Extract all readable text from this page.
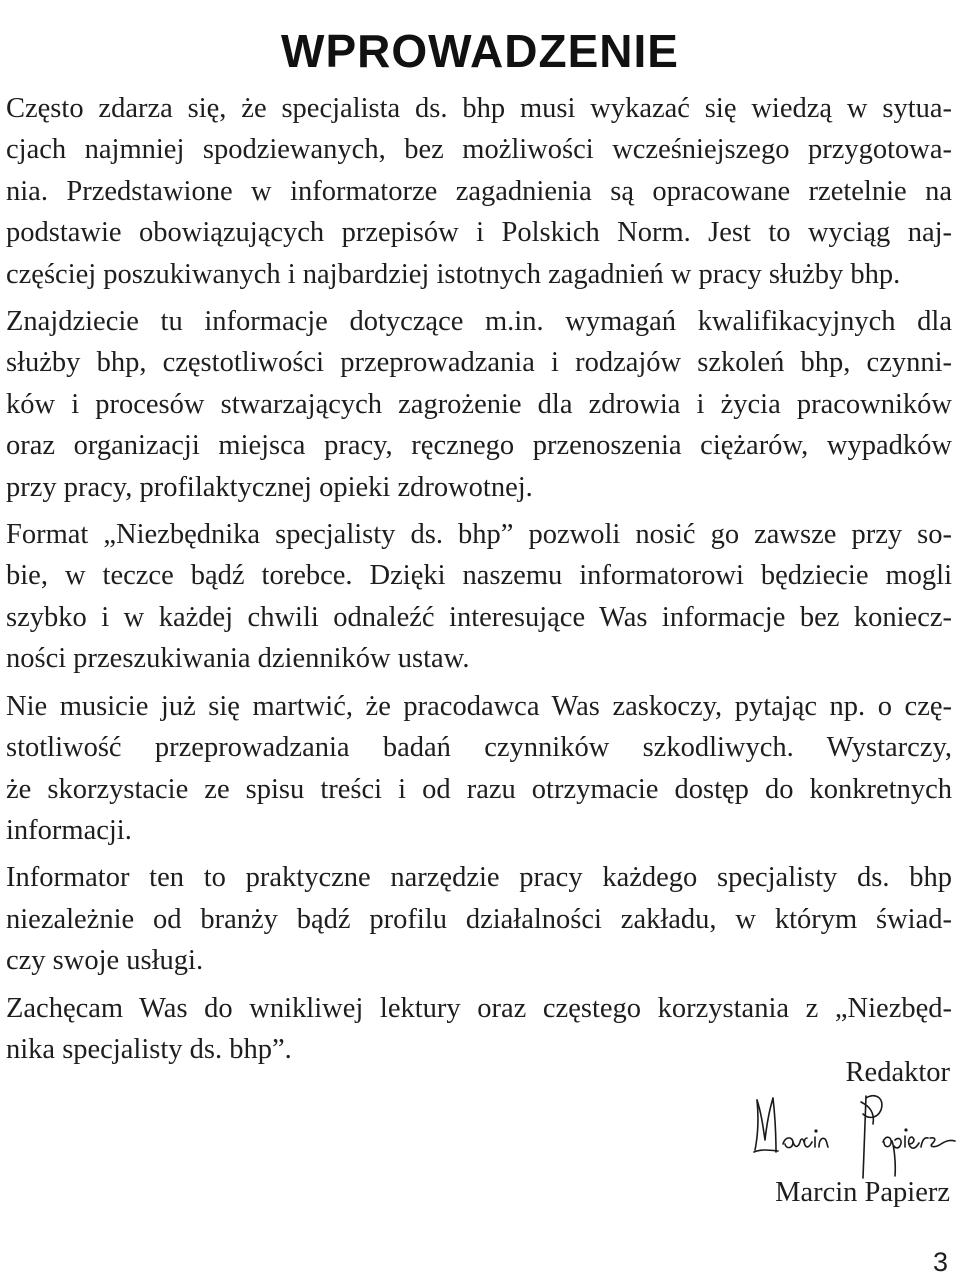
WPROWADZENIE

Często zdarza się, że specjalista ds. bhp musi wykazać się wiedzą w sytua-
cjach najmniej spodziewanych, bez możliwości wcześniejszego przygotowa-
nia. Przedstawione w informatorze zagadnienia są opracowane rzetelnie na
podstawie obowiązujących przepisów i Polskich Norm. Jest to wyciąg naj-
częściej poszukiwanych i najbardziej istotnych zagadnień w pracy służby bhp.

Znajdziecie tu informacje dotyczące m.in. wymagań kwalifikacyjnych dla
służby bhp, częstotliwości przeprowadzania i rodzajów szkoleń bhp, czynni-
ków i procesów stwarzających zagrożenie dla zdrowia i życia pracowników
oraz organizacji miejsca pracy, ręcznego przenoszenia ciężarów, wypadków
przy pracy, profilaktycznej opieki zdrowotnej.

Format „Niezbędnika specjalisty ds. bhp” pozwoli nosić go zawsze przy so-
bie, w teczce bądź torebce. Dzięki naszemu informatorowi będziecie mogli
szybko i w każdej chwili odnaleźć interesujące Was informacje bez koniecz-
ności przeszukiwania dzienników ustaw.

Nie musicie już się martwić, że pracodawca Was zaskoczy, pytając np. o czę-
stotliwość przeprowadzania badań czynników szkodliwych. Wystarczy,
że skorzystacie ze spisu treści i od razu otrzymacie dostęp do konkretnych
informacji.

Informator ten to praktyczne narzędzie pracy każdego specjalisty ds. bhp
niezależnie od branży bądź profilu działalności zakładu, w którym świad-
czy swoje usługi.

Zachęcam Was do wnikliwej lektury oraz częstego korzystania z „Niezbęd-
nika specjalisty ds. bhp”.

Redaktor
Marcin Papierz
3
